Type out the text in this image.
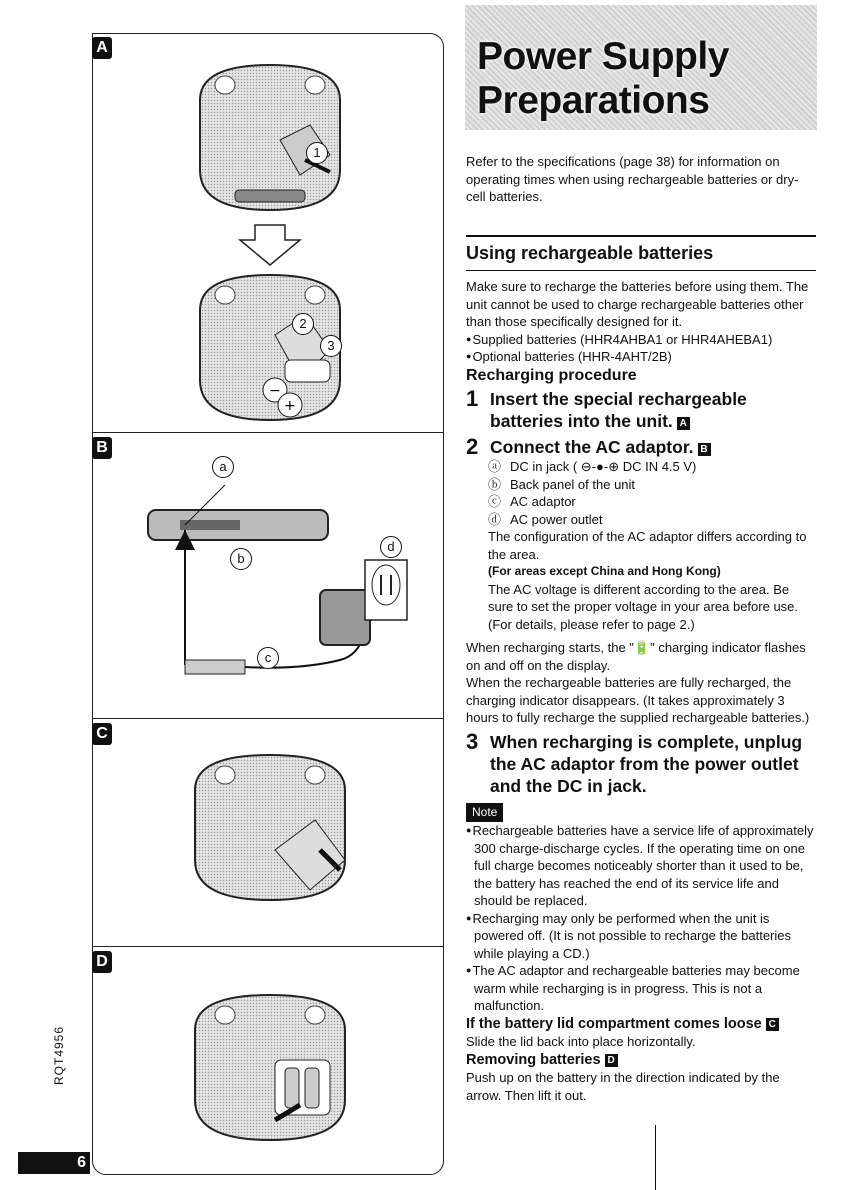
A
B
C
D
−
+
1
2
3
a
b
c
d
RQT4956
6
Power Supply Preparations
Refer to the specifications (page 38) for information on operating times when using rechargeable batteries or dry-cell batteries.
Using rechargeable batteries

Make sure to recharge the batteries before using them. The unit cannot be used to charge rechargeable batteries other than those specifically designed for it.

● Supplied batteries (HHR4AHBA1 or HHR4AHEBA1)

● Optional batteries (HHR-4AHT/2B)

Recharging procedure
1 Insert the special rechargeable batteries into the unit. A
2 Connect the AC adaptor. B
ⓐ DC in jack ( ⊖-●-⊕ DC IN 4.5 V)
ⓑ Back panel of the unit
ⓒ AC adaptor
ⓓ AC power outlet

The configuration of the AC adaptor differs according to the area.

(For areas except China and Hong Kong)

The AC voltage is different according to the area. Be sure to set the proper voltage in your area before use. (For details, please refer to page 2.)

When recharging starts, the "🔋" charging indicator flashes on and off on the display.

When the rechargeable batteries are fully recharged, the charging indicator disappears. (It takes approximately 3 hours to fully recharge the supplied rechargeable batteries.)

3 When recharging is complete, unplug the AC adaptor from the power outlet and the DC in jack.
Note

● Rechargeable batteries have a service life of approximately 300 charge-discharge cycles. If the operating time on one full charge becomes noticeably shorter than it used to be, the battery has reached the end of its service life and should be replaced.

● Recharging may only be performed when the unit is powered off. (It is not possible to recharge the batteries while playing a CD.)

● The AC adaptor and rechargeable batteries may become warm while recharging is in progress. This is not a malfunction.

If the battery lid compartment comes loose C

Slide the lid back into place horizontally.

Removing batteries D

Push up on the battery in the direction indicated by the arrow. Then lift it out.
